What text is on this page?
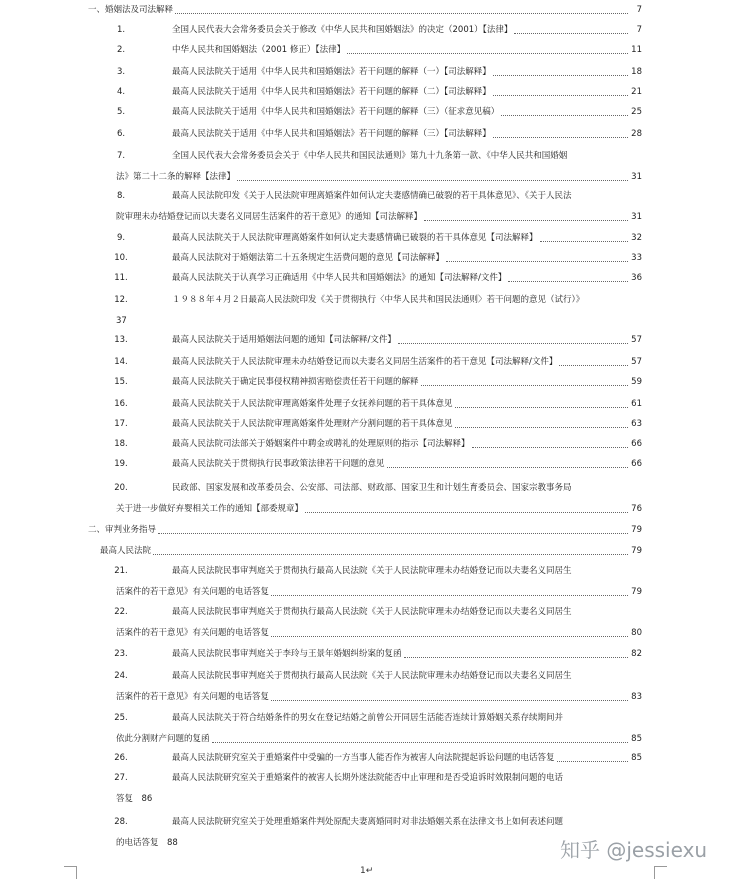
一、婚姻法及司法解释	7
1.	全国人民代表大会常务委员会关于修改《中华人民共和国婚姻法》的决定（2001）【法律】	7
2.	中华人民共和国婚姻法（2001 修正）【法律】	11
3.	最高人民法院关于适用《中华人民共和国婚姻法》若干问题的解释（一）【司法解释】	18
4.	最高人民法院关于适用《中华人民共和国婚姻法》若干问题的解释（二）【司法解释】	21
5.	最高人民法院关于适用《中华人民共和国婚姻法》若干问题的解释（三）（征求意见稿）	25
6.	最高人民法院关于适用《中华人民共和国婚姻法》若干问题的解释（三）【司法解释】	28
7.	全国人民代表大会常务委员会关于《中华人民共和国民法通则》第九十九条第一款、《中华人民共和国婚姻
法》第二十二条的解释【法律】	31
8.	最高人民法院印发《关于人民法院审理离婚案件如何认定夫妻感情确已破裂的若干具体意见》、《关于人民法
院审理未办结婚登记而以夫妻名义同居生活案件的若干意见》的通知【司法解释】	31
9.	最高人民法院关于人民法院审理离婚案件如何认定夫妻感情确已破裂的若干具体意见【司法解释】	32
10.	最高人民法院对于婚姻法第二十五条规定生活费问题的意见【司法解释】	33
11.	最高人民法院关于认真学习正确适用《中华人民共和国婚姻法》的通知【司法解释/文件】	36
12.	１９８８年４月２日最高人民法院印发《关于贯彻执行〈中华人民共和国民法通则〉若干问题的意见（试行）》
37
13.	最高人民法院关于适用婚姻法问题的通知【司法解释/文件】	57
14.	最高人民法院关于人民法院审理未办结婚登记而以夫妻名义同居生活案件的若干意见【司法解释/文件】	57
15.	最高人民法院关于确定民事侵权精神损害赔偿责任若干问题的解释	59
16.	最高人民法院关于人民法院审理离婚案件处理子女抚养问题的若干具体意见	61
17.	最高人民法院关于人民法院审理离婚案件处理财产分割问题的若干具体意见	63
18.	最高人民法院司法部关于婚姻案件中聘金或聘礼的处理原则的指示【司法解释】	66
19.	最高人民法院关于贯彻执行民事政策法律若干问题的意见	66
20.	民政部、国家发展和改革委员会、公安部、司法部、财政部、国家卫生和计划生育委员会、国家宗教事务局
关于进一步做好弃婴相关工作的通知【部委规章】	76
二、审判业务指导	79
最高人民法院	79
21.	最高人民法院民事审判庭关于贯彻执行最高人民法院《关于人民法院审理未办结婚登记而以夫妻名义同居生
活案件的若干意见》有关问题的电话答复	79
22.	最高人民法院民事审判庭关于贯彻执行最高人民法院《关于人民法院审理未办结婚登记而以夫妻名义同居生
活案件的若干意见》有关问题的电话答复	80
23.	最高人民法院民事审判庭关于李玲与王景年婚姻纠纷案的复函	82
24.	最高人民法院民事审判庭关于贯彻执行最高人民法院《关于人民法院审理未办结婚登记而以夫妻名义同居生
活案件的若干意见》有关问题的电话答复	83
25.	最高人民法院关于符合结婚条件的男女在登记结婚之前曾公开同居生活能否连续计算婚姻关系存续期间并
依此分割财产问题的复函	85
26.	最高人民法院研究室关于重婚案件中受骗的一方当事人能否作为被害人向法院提起诉讼问题的电话答复	85
27.	最高人民法院研究室关于重婚案件的被害人长期外迷法院能否中止审理和是否受追诉时效限制问题的电话
答复　86
28.	最高人民法院研究室关于处理重婚案件判处原配夫妻离婚同时对非法婚姻关系在法律文书上如何表述问题
的电话答复　88
1↵
知乎 @jessiexu
